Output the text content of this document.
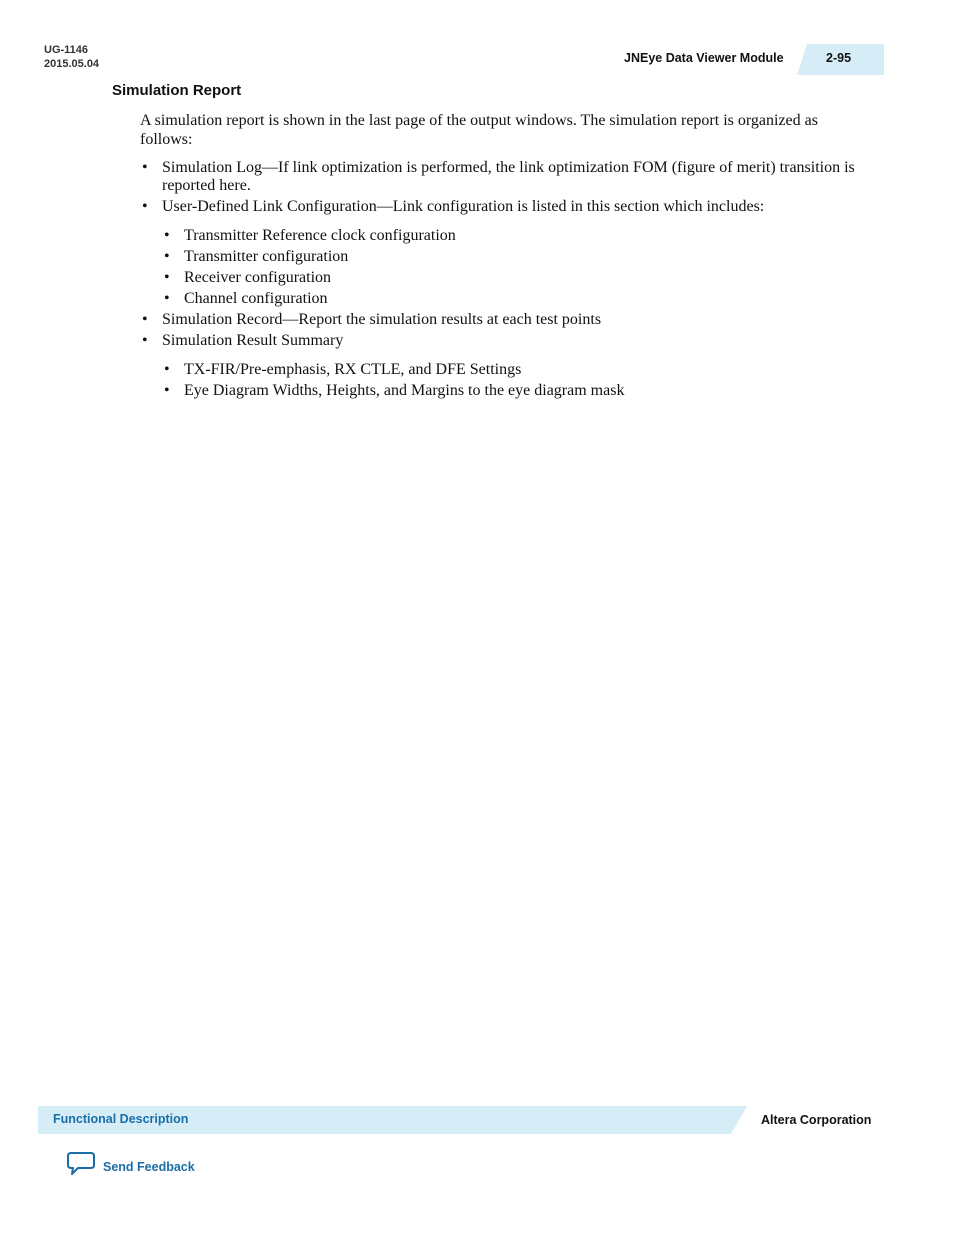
UG-1146
2015.05.04	JNEye Data Viewer Module	2-95
Simulation Report

A simulation report is shown in the last page of the output windows. The simulation report is organized as follows:

• Simulation Log—If link optimization is performed, the link optimization FOM (figure of merit) transition is reported here.
• User-Defined Link Configuration—Link configuration is listed in this section which includes:
• Transmitter Reference clock configuration
• Transmitter configuration
• Receiver configuration
• Channel configuration
• Simulation Record—Report the simulation results at each test points
• Simulation Result Summary
• TX-FIR/Pre-emphasis, RX CTLE, and DFE Settings
• Eye Diagram Widths, Heights, and Margins to the eye diagram mask
Functional Description	Altera Corporation
Send Feedback
